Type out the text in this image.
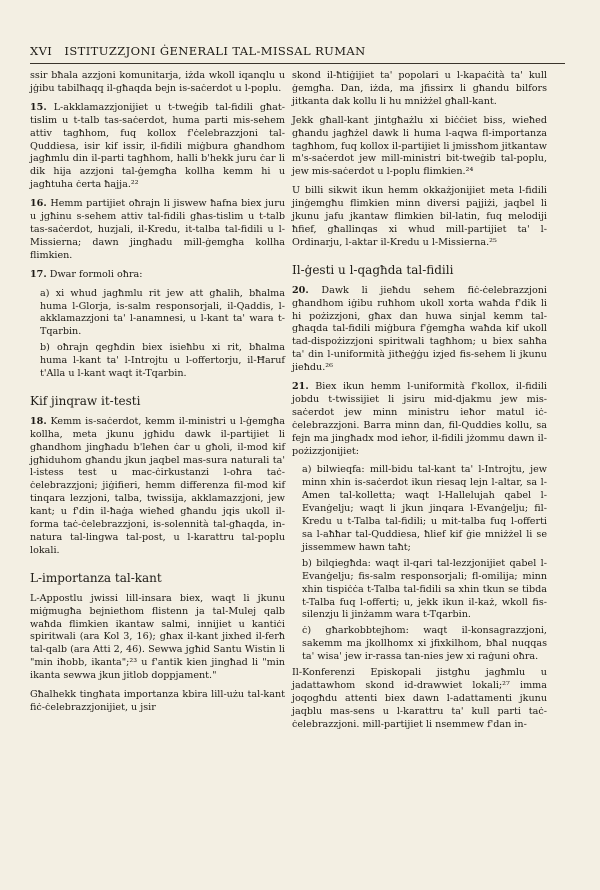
XVI ISTITUZZJONI ĠENERALI TAL-MISSAL RUMAN

ssir bħala azzjoni komunitarja, iżda wkoll iqanqlu u jġibu tabilħaqq il-għaqda bejn is-saċerdot u l-poplu.

15. L-akklamazzjonijiet u t-tweġib tal-fidili għat-tislim u t-talb tas-saċerdot, huma parti mis-sehem attiv tagħhom, fuq kollox f'ċelebrazzjoni tal-Quddiesa, isir kif issir, il-fidili miġbura għandhom jagħmlu din il-parti tagħhom, halli b'hekk juru ċar li dik hija azzjoni tal-ġemgħa kollha kemm hi u jagħtuha ċerta ħajja.²²

16. Hemm partijiet oħrajn li jiswew ħafna biex juru u jgħinu s-sehem attiv tal-fidili għas-tislim u t-talb tas-saċerdot, huzjali, il-Kredu, it-talba tal-fidili u l-Missierna; dawn jingħadu mill-ġemgħa kollha flimkien.

17. Dwar formoli oħra:

a) xi whud jagħmlu rit jew att għalih, bħalma huma l-Glorja, is-salm responsorjali, il-Qaddis, l-akklamazzjoni ta' l-anamnesi, u l-kant ta' wara t-Tqarbin.

b) oħrajn qegħdin biex isieħbu xi rit, bħalma huma l-kant ta' l-Introjtu u l-offertorju, il-Ħaruf t'Alla u l-kant waqt it-Tqarbin.

Kif jinqraw it-testi

18. Kemm is-saċerdot, kemm il-ministri u l-ġemgħa kollha, meta jkunu jgħidu dawk il-partijiet li għandhom jingħadu b'leħen ċar u għoli, il-mod kif jgħiduhom għandu jkun jaqbel mas-sura naturali ta' l-istess test u mac-ċirkustanzi l-oħra taċ-ċelebrazzjoni; jiġifieri, hemm differenza fil-mod kif tinqara lezzjoni, talba, twissija, akklamazzjoni, jew kant; u f'din il-ħaġa wieħed għandu jqis ukoll il-forma taċ-ċelebrazzjoni, is-solennità tal-għaqda, in-natura tal-lingwa tal-post, u l-karattru tal-poplu lokali.

L-importanza tal-kant

L-Appostlu jwissi lill-insara biex, waqt li jkunu miġmugħa bejniethom flistenn ja tal-Mulej qalb waħda flimkien ikantaw salmi, innijiet u kantiċi spiritwali (ara Kol 3, 16); għax il-kant jixhed il-ferħ tal-qalb (ara Atti 2, 46). Sewwa jgħid Santu Wistin li "min iħobb, ikanta";²³ u f'antik kien jingħad li "min ikanta sewwa jkun jitlob doppjament."

Għalhekk tingħata importanza kbira lill-użu tal-kant fiċ-ċelebrazzjonijiet, u jsir

skond il-ħtiġijiet ta' popolari u l-kapaċità ta' kull ġemgħa. Dan, iżda, ma jfissirx li għandu bilfors jitkanta dak kollu li hu mniżżel għall-kant.

Jekk għall-kant jintgħażlu xi biċċiet biss, wieħed għandu jagħżel dawk li huma l-aqwa fl-importanza tagħhom, fuq kollox il-partijiet li jmissħom jitkantaw m's-saċerdot jew mill-ministri bit-tweġib tal-poplu, jew mis-saċerdot u l-poplu flimkien.²⁴

U billi sikwit ikun hemm okkażjonijiet meta l-fidili jinġemgħu flimkien minn diversi pajjiżi, jaqbel li jkunu jafu jkantaw flimkien bil-latin, fuq melodiji ħfief, għallinqas xi whud mill-partijiet ta' l-Ordinarju, l-aktar il-Kredu u l-Missierna.²⁵

Il-ġesti u l-qagħda tal-fidili

20. Dawk li jieħdu sehem fiċ-ċelebrazzjoni għandhom iġibu ruħhom ukoll xorta waħda f'dik li hi pożizzjoni, għax dan huwa sinjal kemm tal-għaqda tal-fidili miġbura f'ġemgħa waħda kif ukoll tad-dispożizzjoni spiritwali tagħhom; u biex sahħa ta' din l-uniformità jitħeġġu izjed fis-sehem li jkunu jieħdu.²⁶

21. Biex ikun hemm l-uniformità f'kollox, il-fidili jobdu t-twissijiet li jsiru mid-djakmu jew mis-saċerdot jew minn ministru ieħor matul iċ-ċelebrazzjoni. Barra minn dan, fil-Quddies kollu, sa fejn ma jingħadx mod ieħor, il-fidili jżommu dawn il-pożizzjonijiet:

a) bilwieqfa: mill-bidu tal-kant ta' l-Introjtu, jew minn xhin is-saċerdot ikun riesaq lejn l-altar, sa l-Amen tal-kolletta; waqt l-Hallelujah qabel l-Evanġelju; waqt li jkun jinqara l-Evanġelju; fil-Kredu u t-Talba tal-fidili; u mit-talba fuq l-offerti sa l-aħħar tal-Quddiesa, ħlief kif ġie mniżżel li se jissemmew hawn taħt;

b) bilqiegħda: waqt il-qari tal-lezzjonijiet qabel l-Evanġelju; fis-salm responsorjali; fl-omilija; minn xhin tispiċċa t-Talba tal-fidili sa xhin tkun se tibda t-Talba fuq l-offerti; u, jekk ikun il-każ, wkoll fis-silenzju li jinżamm wara t-Tqarbin.

ċ) għarkobbtejhom: waqt il-konsagrazzjoni, sakemm ma jkollhomx xi jfixkilhom, bħal nuqqas ta' wisa' jew ir-rassa tan-nies jew xi raġuni oħra.

Il-Konferenzi Episkopali jistgħu jagħmlu u jadattawhom skond id-drawwiet lokali;²⁷ imma joqogħdu attenti biex dawn l-adattamenti jkunu jaqblu mas-sens u l-karattru ta' kull parti taċ-ċelebrazzjoni. mill-partijiet li nsemmew f'dan in-
